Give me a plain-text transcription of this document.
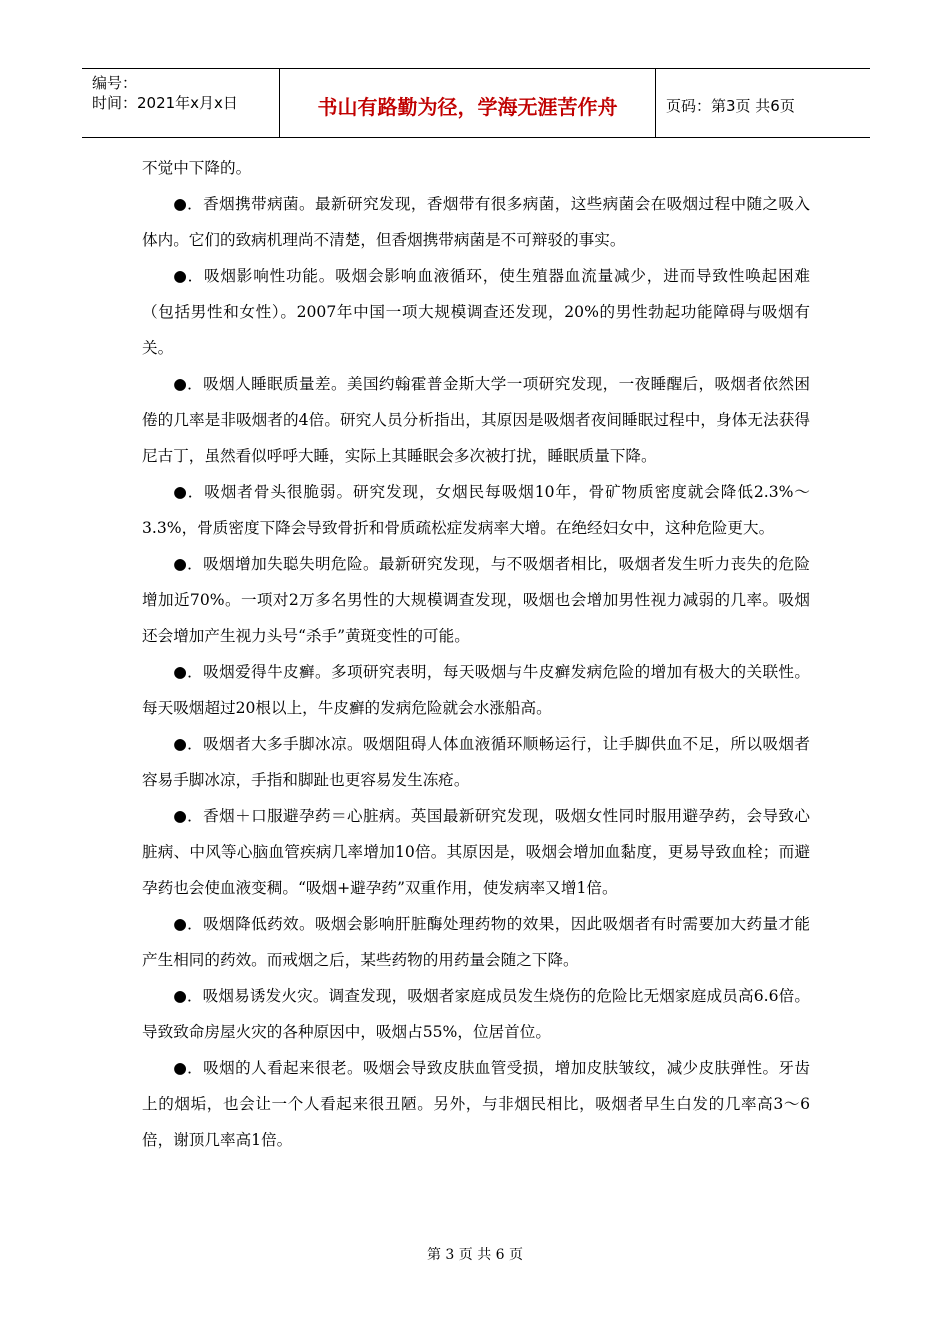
编号：
时间：2021年x月x日	书山有路勤为径，学海无涯苦作舟	页码：第3页 共6页

不觉中下降的。

●．香烟携带病菌。最新研究发现，香烟带有很多病菌，这些病菌会在吸烟过程中随之吸入体内。它们的致病机理尚不清楚，但香烟携带病菌是不可辩驳的事实。

●．吸烟影响性功能。吸烟会影响血液循环，使生殖器血流量减少，进而导致性唤起困难（包括男性和女性）。2007年中国一项大规模调查还发现，20%的男性勃起功能障碍与吸烟有关。

●．吸烟人睡眠质量差。美国约翰霍普金斯大学一项研究发现，一夜睡醒后，吸烟者依然困倦的几率是非吸烟者的4倍。研究人员分析指出，其原因是吸烟者夜间睡眠过程中，身体无法获得尼古丁，虽然看似呼呼大睡，实际上其睡眠会多次被打扰，睡眠质量下降。

●．吸烟者骨头很脆弱。研究发现，女烟民每吸烟10年，骨矿物质密度就会降低2.3%～3.3%，骨质密度下降会导致骨折和骨质疏松症发病率大增。在绝经妇女中，这种危险更大。

●．吸烟增加失聪失明危险。最新研究发现，与不吸烟者相比，吸烟者发生听力丧失的危险增加近70%。一项对2万多名男性的大规模调查发现，吸烟也会增加男性视力减弱的几率。吸烟还会增加产生视力头号“杀手”黄斑变性的可能。

●．吸烟爱得牛皮癣。多项研究表明，每天吸烟与牛皮癣发病危险的增加有极大的关联性。每天吸烟超过20根以上，牛皮癣的发病危险就会水涨船高。

●．吸烟者大多手脚冰凉。吸烟阻碍人体血液循环顺畅运行，让手脚供血不足，所以吸烟者容易手脚冰凉，手指和脚趾也更容易发生冻疮。

●．香烟＋口服避孕药＝心脏病。英国最新研究发现，吸烟女性同时服用避孕药，会导致心脏病、中风等心脑血管疾病几率增加10倍。其原因是，吸烟会增加血黏度，更易导致血栓；而避孕药也会使血液变稠。“吸烟+避孕药”双重作用，使发病率又增1倍。

●．吸烟降低药效。吸烟会影响肝脏酶处理药物的效果，因此吸烟者有时需要加大药量才能产生相同的药效。而戒烟之后，某些药物的用药量会随之下降。

●．吸烟易诱发火灾。调查发现，吸烟者家庭成员发生烧伤的危险比无烟家庭成员高6.6倍。导致致命房屋火灾的各种原因中，吸烟占55%，位居首位。

●．吸烟的人看起来很老。吸烟会导致皮肤血管受损，增加皮肤皱纹，减少皮肤弹性。牙齿上的烟垢，也会让一个人看起来很丑陋。另外，与非烟民相比，吸烟者早生白发的几率高3～6倍，谢顶几率高1倍。

第 3 页 共 6 页
